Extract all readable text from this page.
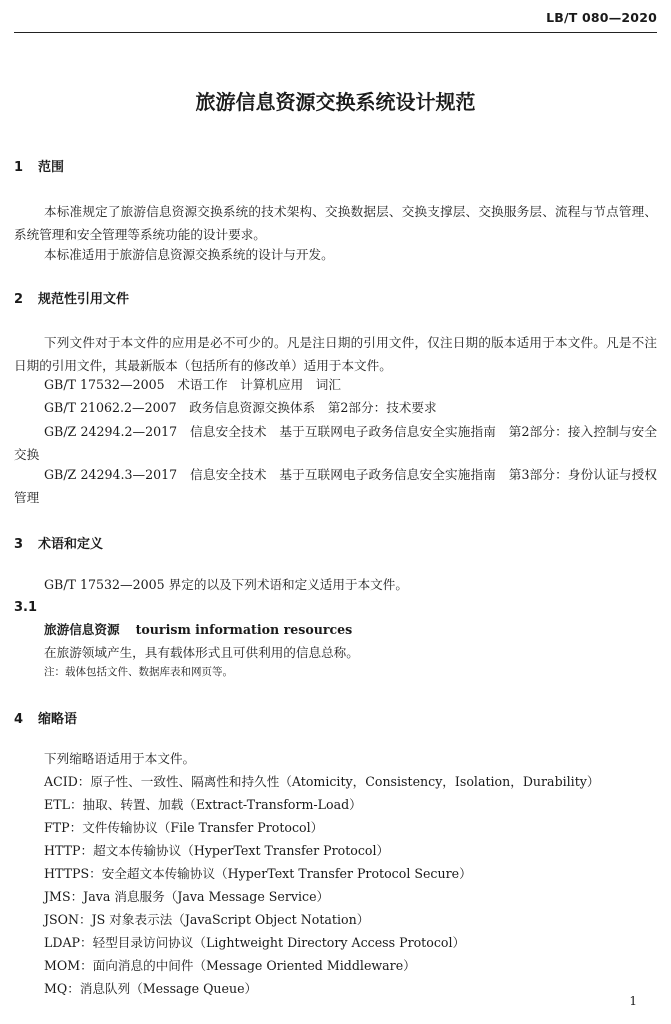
LB/T 080—2020
旅游信息资源交换系统设计规范
1 范围
本标准规定了旅游信息资源交换系统的技术架构、交换数据层、交换支撑层、交换服务层、流程与节点管理、系统管理和安全管理等系统功能的设计要求。
本标准适用于旅游信息资源交换系统的设计与开发。
2 规范性引用文件
下列文件对于本文件的应用是必不可少的。凡是注日期的引用文件，仅注日期的版本适用于本文件。凡是不注日期的引用文件，其最新版本（包括所有的修改单）适用于本文件。
GB/T 17532—2005　术语工作　计算机应用　词汇
GB/T 21062.2—2007　政务信息资源交换体系　第2部分：技术要求
GB/Z 24294.2—2017　信息安全技术　基于互联网电子政务信息安全实施指南　第2部分：接入控制与安全交换
GB/Z 24294.3—2017　信息安全技术　基于互联网电子政务信息安全实施指南　第3部分：身份认证与授权管理
3 术语和定义
GB/T 17532—2005 界定的以及下列术语和定义适用于本文件。
3.1
旅游信息资源 tourism information resources
在旅游领域产生，具有载体形式且可供利用的信息总称。
注：载体包括文件、数据库表和网页等。
4 缩略语
下列缩略语适用于本文件。
ACID：原子性、一致性、隔离性和持久性（Atomicity，Consistency，Isolation，Durability）
ETL：抽取、转置、加载（Extract-Transform-Load）
FTP：文件传输协议（File Transfer Protocol）
HTTP：超文本传输协议（HyperText Transfer Protocol）
HTTPS：安全超文本传输协议（HyperText Transfer Protocol Secure）
JMS：Java 消息服务（Java Message Service）
JSON：JS 对象表示法（JavaScript Object Notation）
LDAP：轻型目录访问协议（Lightweight Directory Access Protocol）
MOM：面向消息的中间件（Message Oriented Middleware）
MQ：消息队列（Message Queue）
1
